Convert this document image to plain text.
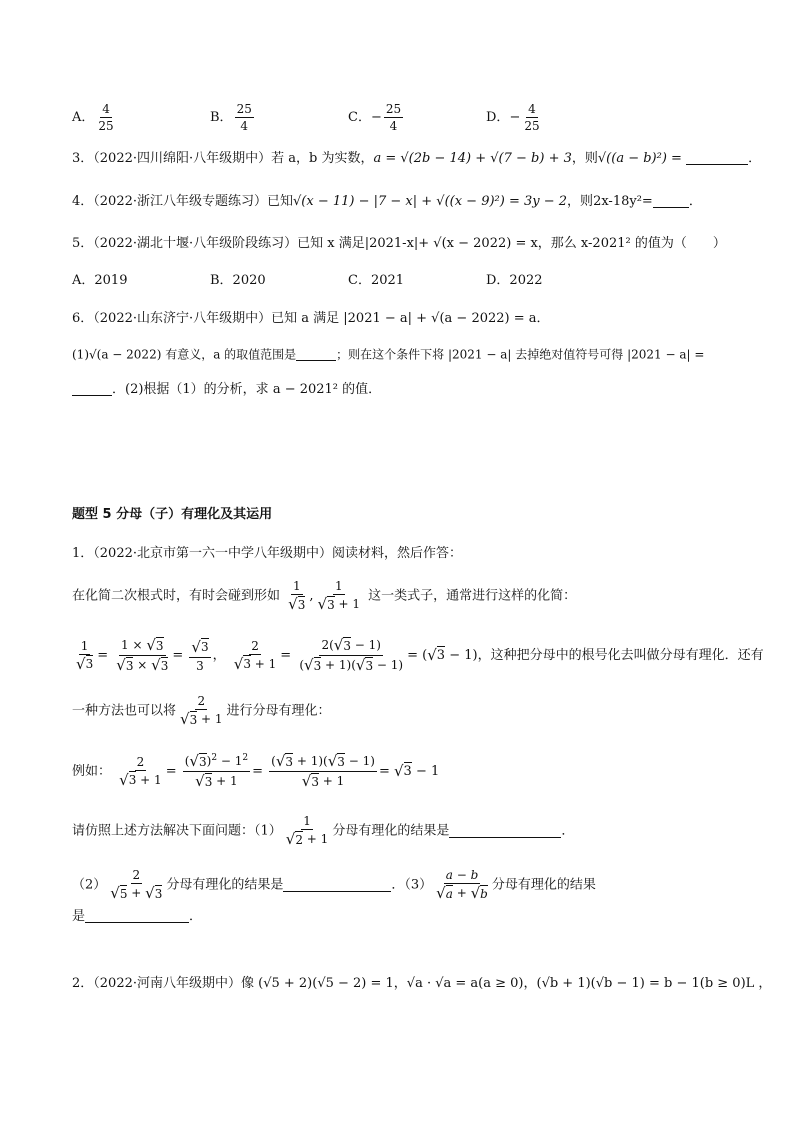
A． $\frac{4}{25}$	B． $\frac{25}{4}$	C．− $\frac{25}{4}$	D．− $\frac{4}{25}$
3．（2022·四川绵阳·八年级期中）若 a，b 为实数，a = √(2b − 14) + √(7 − b) + 3，则√((a − b)²) =	．
4．（2022·浙江八年级专题练习）已知√(x − 11) − |7 − x| + √((x − 9)²) = 3y − 2，则2x-18y²=	．
5．（2022·湖北十堰·八年级阶段练习）已知 x 满足|2021-x|+ √(x − 2022) = x，那么 x-2021² 的值为（　　）
A．2019	B．2020	C．2021	D．2022
6．（2022·山东济宁·八年级期中）已知 a 满足 |2021 − a| + √(a − 2022) = a．
(1)√(a − 2022) 有意义，a 的取值范围是	；则在这个条件下将 |2021 − a| 去掉绝对值符号可得 |2021 − a| =
．(2)根据（1）的分析，求 a − 2021² 的值．
题型 5 分母（子）有理化及其运用
1．（2022·北京市第一六一中学八年级期中）阅读材料，然后作答：
在化简二次根式时，有时会碰到形如 $\frac{1}{√3}$ , $\frac{1}{√3 + 1}$ 这一类式子，通常进行这样的化简：
$\frac{1}{√3} = \frac{1 \times √3}{√3 \times √3} = \frac{√3}{3}$ ， $\frac{2}{√3 + 1} = \frac{2(√3 - 1)}{(√3 + 1)(√3 - 1)} = (√3 - 1)$，这种把分母中的根号化去叫做分母有理化．还有
一种方法也可以将 $\frac{2}{√3 + 1}$ 进行分母有理化：
例如： $\frac{2}{√3 + 1} = \frac{(√3)^2 - 1^2}{√3 + 1} = \frac{(√3 + 1)(√3 - 1)}{√3 + 1} = √3 - 1$
请仿照上述方法解决下面问题：$(1) \frac{1}{√2 + 1}$ 分母有理化的结果是	．
$(2) \frac{2}{√5 + √3}$ 分母有理化的结果是	．$(3) \frac{a - b}{√a + √b}$ 分母有理化的结果
是	．
2．（2022·河南八年级期中）像 (√5 + 2)(√5 − 2) = 1，√a · √a = a(a ≥ 0)，(√b + 1)(√b − 1) = b − 1(b ≥ 0)L ，
